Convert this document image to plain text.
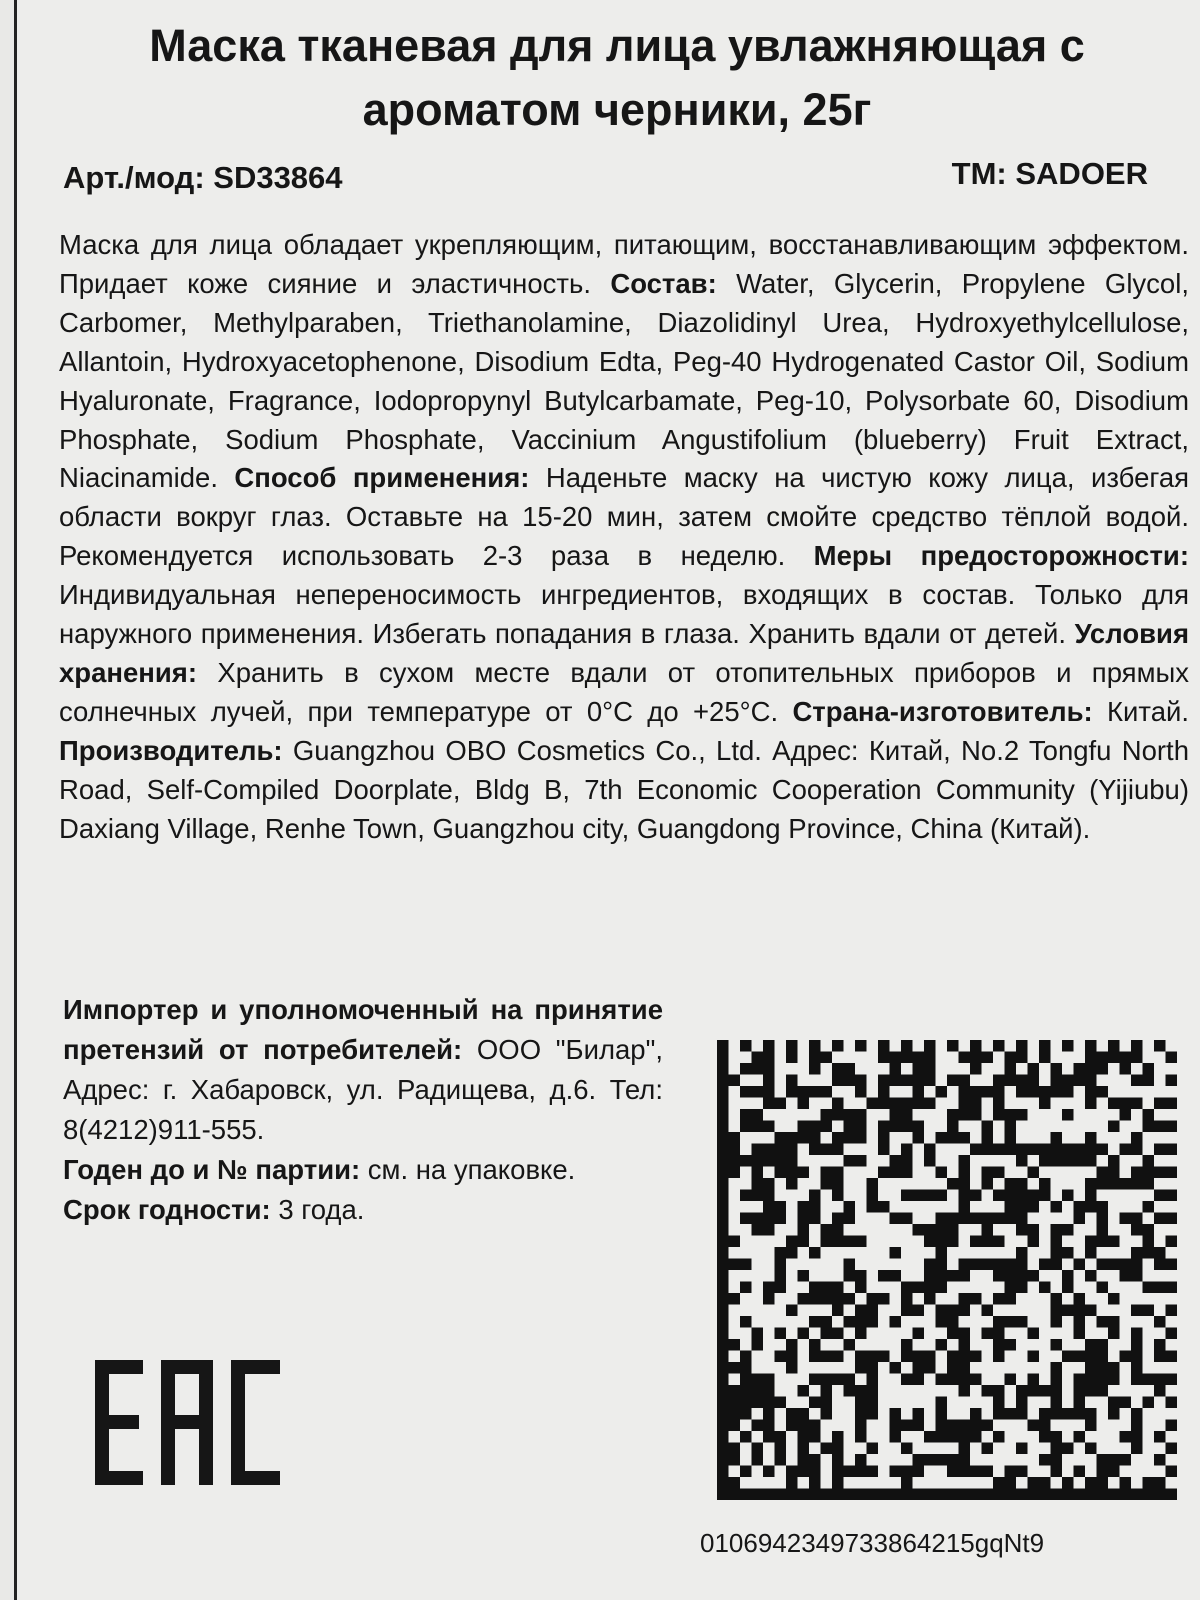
Маска тканевая для лица увлажняющая с ароматом черники, 25г
Арт./мод: SD33864	TM: SADOER

Маска для лица обладает укрепляющим, питающим, восстанавливающим эффектом. Придает коже сияние и эластичность. Состав: Water, Glycerin, Propylene Glycol, Carbomer, Methylparaben, Triethanolamine, Diazolidinyl Urea, Hydroxyethylcellulose, Allantoin, Hydroxyacetophenone, Disodium Edta, Peg-40 Hydrogenated Castor Oil, Sodium Hyaluronate, Fragrance, Iodopropynyl Butylcarbamate, Peg-10, Polysorbate 60, Disodium Phosphate, Sodium Phosphate, Vaccinium Angustifolium (blueberry) Fruit Extract, Niacinamide. Способ применения: Наденьте маску на чистую кожу лица, избегая области вокруг глаз. Оставьте на 15-20 мин, затем смойте средство тёплой водой. Рекомендуется использовать 2-3 раза в неделю. Меры предосторожности: Индивидуальная непереносимость ингредиентов, входящих в состав. Только для наружного применения. Избегать попадания в глаза. Хранить вдали от детей. Условия хранения: Хранить в сухом месте вдали от отопительных приборов и прямых солнечных лучей, при температуре от 0°С до +25°С. Страна-изготовитель: Китай. Производитель: Guangzhou OBO Cosmetics Co., Ltd. Адрес: Китай, No.2 Tongfu North Road, Self-Compiled Doorplate, Bldg B, 7th Economic Cooperation Community (Yijiubu) Daxiang Village, Renhe Town, Guangzhou city, Guangdong Province, China (Китай).

Импортер и уполномоченный на принятие претензий от потребителей: ООО "Билар", Адрес: г. Хабаровск, ул. Радищева, д.6. Тел: 8(4212)911-555.

Годен до и № партии: см. на упаковке.

Срок годности: 3 года.

0106942349733864215gqNt9
